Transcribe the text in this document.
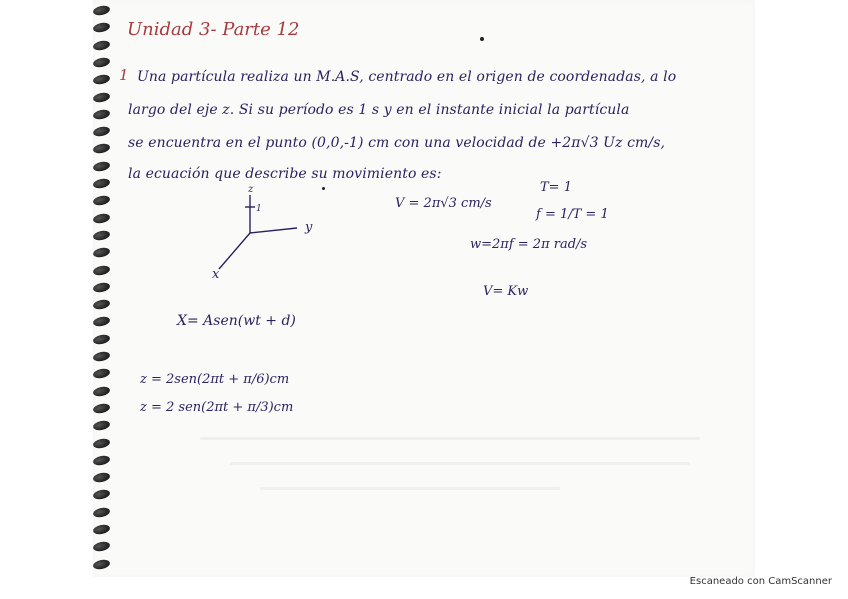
Unidad 3- Parte 12
1 Una partícula realiza un M.A.S, centrado en el origen de coordenadas, a lo
largo del eje z. Si su período es 1 s y en el instante inicial la partícula
se encuentra en el punto (0,0,-1) cm con una velocidad de +2π√3 Uz cm/s,
la ecuación que describe su movimiento es:
z
1
y
x
V = 2π√3 cm/s
T= 1
f = 1/T = 1
w=2πf = 2π rad/s
V= Kw
X= Asen(wt + d)
z = 2sen(2πt + π/6)cm
z = 2 sen(2πt + π/3)cm
Escaneado con CamScanner
